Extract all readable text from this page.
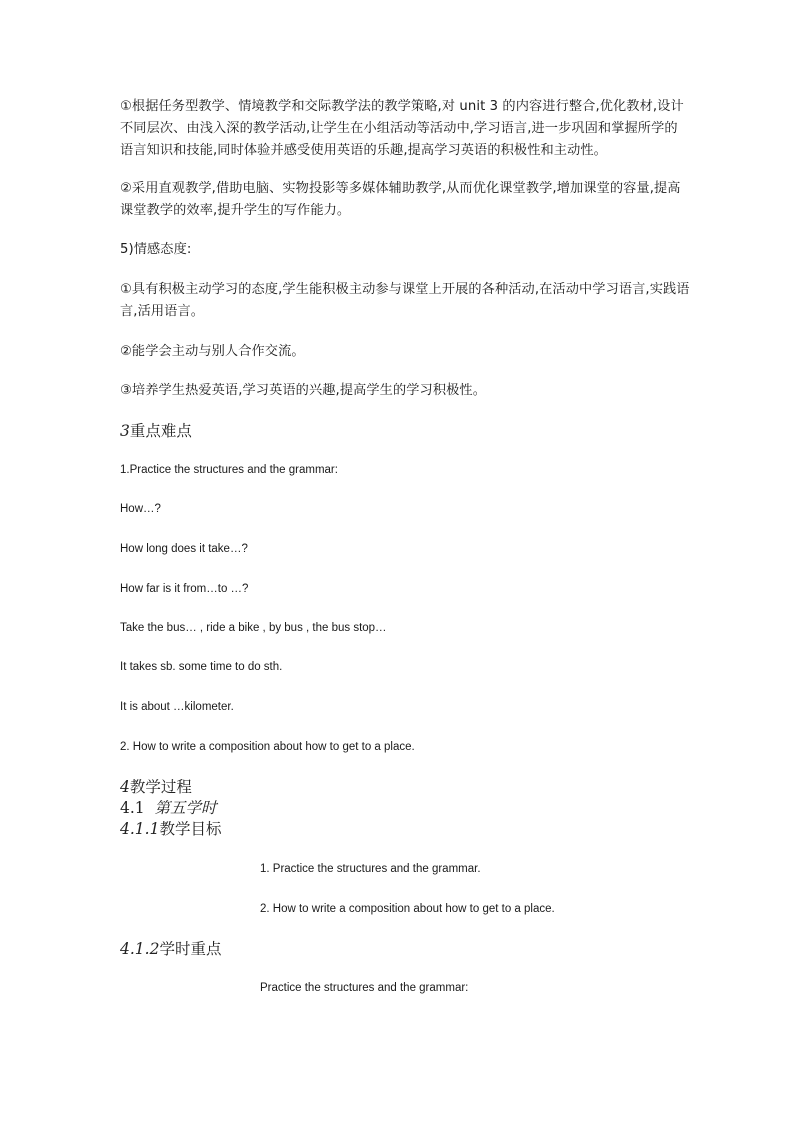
①根据任务型教学、情境教学和交际教学法的教学策略,对 unit 3 的内容进行整合,优化教材,设计不同层次、由浅入深的教学活动,让学生在小组活动等活动中,学习语言,进一步巩固和掌握所学的语言知识和技能,同时体验并感受使用英语的乐趣,提高学习英语的积极性和主动性。

②采用直观教学,借助电脑、实物投影等多媒体辅助教学,从而优化课堂教学,增加课堂的容量,提高课堂教学的效率,提升学生的写作能力。

5)情感态度:

①具有积极主动学习的态度,学生能积极主动参与课堂上开展的各种活动,在活动中学习语言,实践语言,活用语言。

②能学会主动与别人合作交流。

③培养学生热爱英语,学习英语的兴趣,提高学生的学习积极性。

3重点难点

1.Practice the structures and the grammar:

How…?

How long does it take…?

How far is it from…to …?

Take the bus… , ride a bike , by bus , the bus stop…

It takes sb. some time to do sth.

It is about …kilometer.

2. How to write a composition about how to get to a place.

4教学过程

4.1 第五学时

4.1.1教学目标

1. Practice the structures and the grammar.

2. How to write a composition about how to get to a place.

4.1.2学时重点

Practice the structures and the grammar:
